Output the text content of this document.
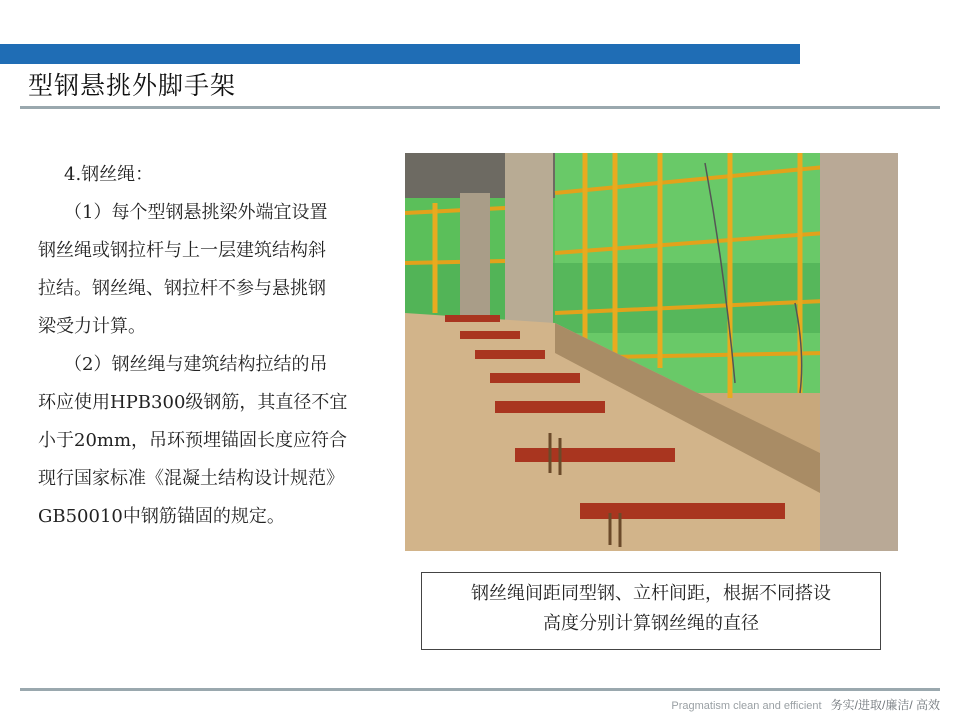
型钢悬挑外脚手架

4.钢丝绳：

（1）每个型钢悬挑梁外端宜设置

钢丝绳或钢拉杆与上一层建筑结构斜

拉结。钢丝绳、钢拉杆不参与悬挑钢

梁受力计算。

（2）钢丝绳与建筑结构拉结的吊

环应使用HPB300级钢筋，其直径不宜

小于20mm，吊环预埋锚固长度应符合

现行国家标准《混凝土结构设计规范》

GB50010中钢筋锚固的规定。

钢丝绳间距同型钢、立杆间距，根据不同搭设

高度分别计算钢丝绳的直径

Pragmatism clean and efficient 务实/进取/廉洁/ 高效
